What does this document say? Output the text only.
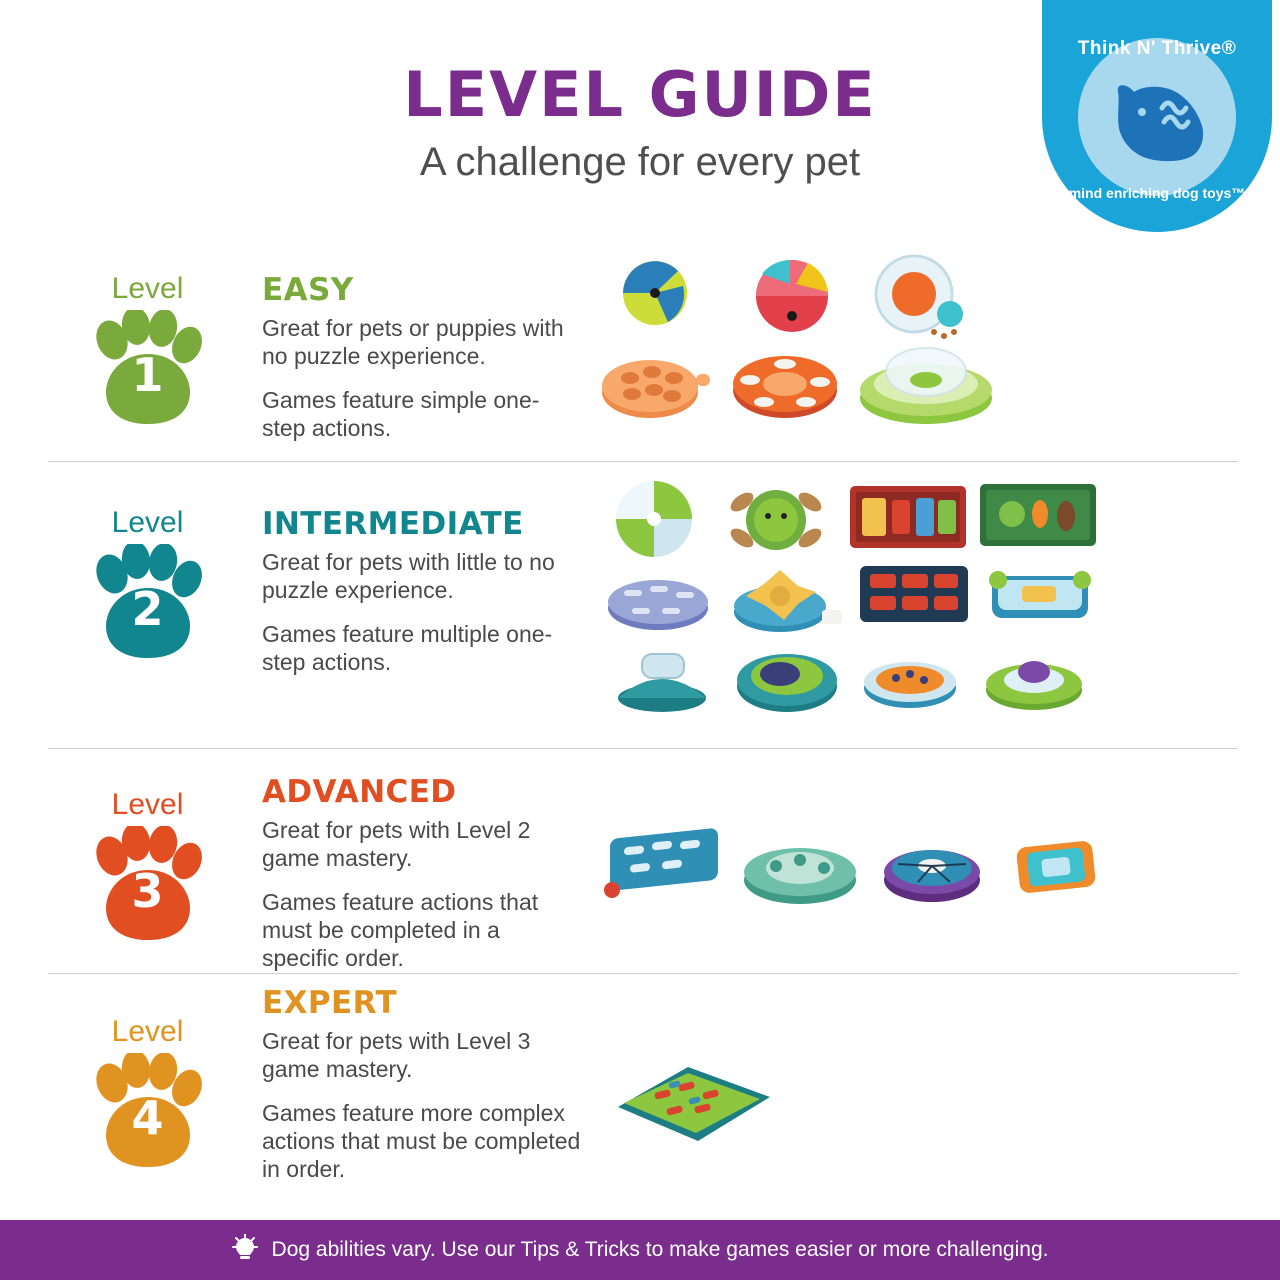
LEVEL GUIDE
A challenge for every pet
Think N' Thrive®
mind enriching dog toys™
Level
1
EASY
Great for pets or puppies with no puzzle experience.
Games feature simple one-step actions.
Level
2
INTERMEDIATE
Great for pets with little to no puzzle experience.
Games feature multiple one-step actions.
Level
3
ADVANCED
Great for pets with Level 2 game mastery.
Games feature actions that must be completed in a specific order.
Level
4
EXPERT
Great for pets with Level 3 game mastery.
Games feature more complex actions that must be completed in order.
Dog abilities vary. Use our Tips & Tricks to make games easier or more challenging.
